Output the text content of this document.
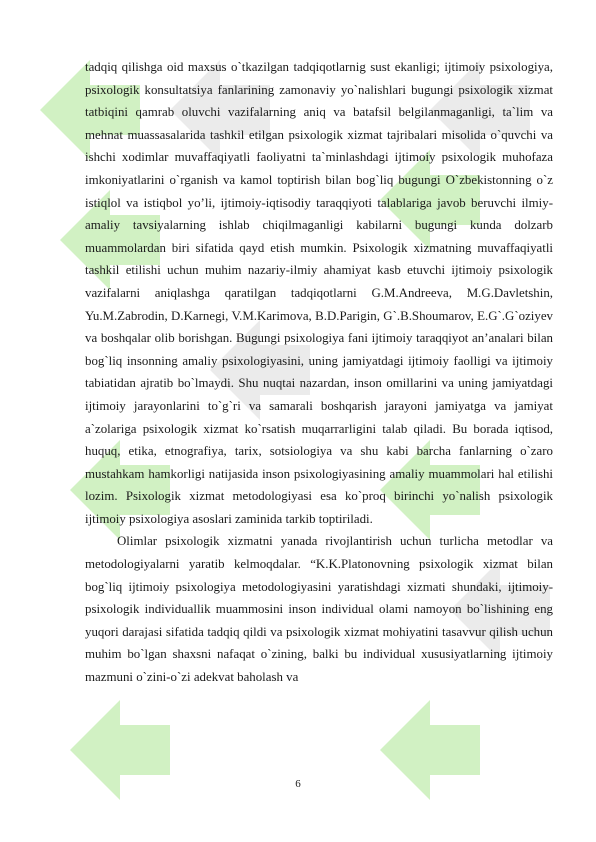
tadqiq qilishga oid maxsus o`tkazilgan tadqiqotlarnig sust ekanligi; ijtimoiy psixologiya, psixologik konsultatsiya fanlarining zamonaviy yo`nalishlari bugungi psixologik xizmat tatbiqini qamrab oluvchi vazifalarning aniq va batafsil belgilanmaganligi, ta`lim va mehnat muassasalarida tashkil etilgan psixologik xizmat tajribalari misolida o`quvchi va ishchi xodimlar muvaffaqiyatli faoliyatni ta`minlashdagi ijtimoiy psixologik muhofaza imkoniyatlarini o`rganish va kamol toptirish bilan bog`liq bugungi O`zbekistonning o`z istiqlol va istiqbol yo’li, ijtimoiy-iqtisodiy taraqqiyoti talablariga javob beruvchi ilmiy-amaliy tavsiyalarning ishlab chiqilmaganligi kabilarni bugungi kunda dolzarb muammolardan biri sifatida qayd etish mumkin. Psixologik xizmatning muvaffaqiyatli tashkil etilishi uchun muhim nazariy-ilmiy ahamiyat kasb etuvchi ijtimoiy psixologik vazifalarni aniqlashga qaratilgan tadqiqotlarni G.M.Andreeva, M.G.Davletshin, Yu.M.Zabrodin, D.Karnegi, V.M.Karimova, B.D.Parigin, G`.B.Shoumarov, E.G`.G`oziyev va boshqalar olib borishgan. Bugungi psixologiya fani ijtimoiy taraqqiyot an’analari bilan bog`liq insonning amaliy psixologiyasini, uning jamiyatdagi ijtimoiy faolligi va ijtimoiy tabiatidan ajratib bo`lmaydi. Shu nuqtai nazardan, inson omillarini va uning jamiyatdagi ijtimoiy jarayonlarini to`g`ri va samarali boshqarish jarayoni jamiyatga va jamiyat a`zolariga psixologik xizmat ko`rsatish muqarrarligini talab qiladi. Bu borada iqtisod, huquq, etika, etnografiya, tarix, sotsiologiya va shu kabi barcha fanlarning o`zaro mustahkam hamkorligi natijasida inson psixologiyasining amaliy muammolari hal etilishi lozim. Psixologik xizmat metodologiyasi esa ko`proq birinchi yo`nalish psixologik ijtimoiy psixologiya asoslari zaminida tarkib toptiriladi.

Olimlar psixologik xizmatni yanada rivojlantirish uchun turlicha metodlar va metodologiyalarni yaratib kelmoqdalar. “K.K.Platonovning psixologik xizmat bilan bog`liq ijtimoiy psixologiya metodologiyasini yaratishdagi xizmati shundaki, ijtimoiy-psixologik individuallik muammosini inson individual olami namoyon bo`lishining eng yuqori darajasi sifatida tadqiq qildi va psixologik xizmat mohiyatini tasavvur qilish uchun muhim bo`lgan shaxsni nafaqat o`zining, balki bu individual xususiyatlarning ijtimoiy mazmuni o`zini-o`zi adekvat baholash va

6
